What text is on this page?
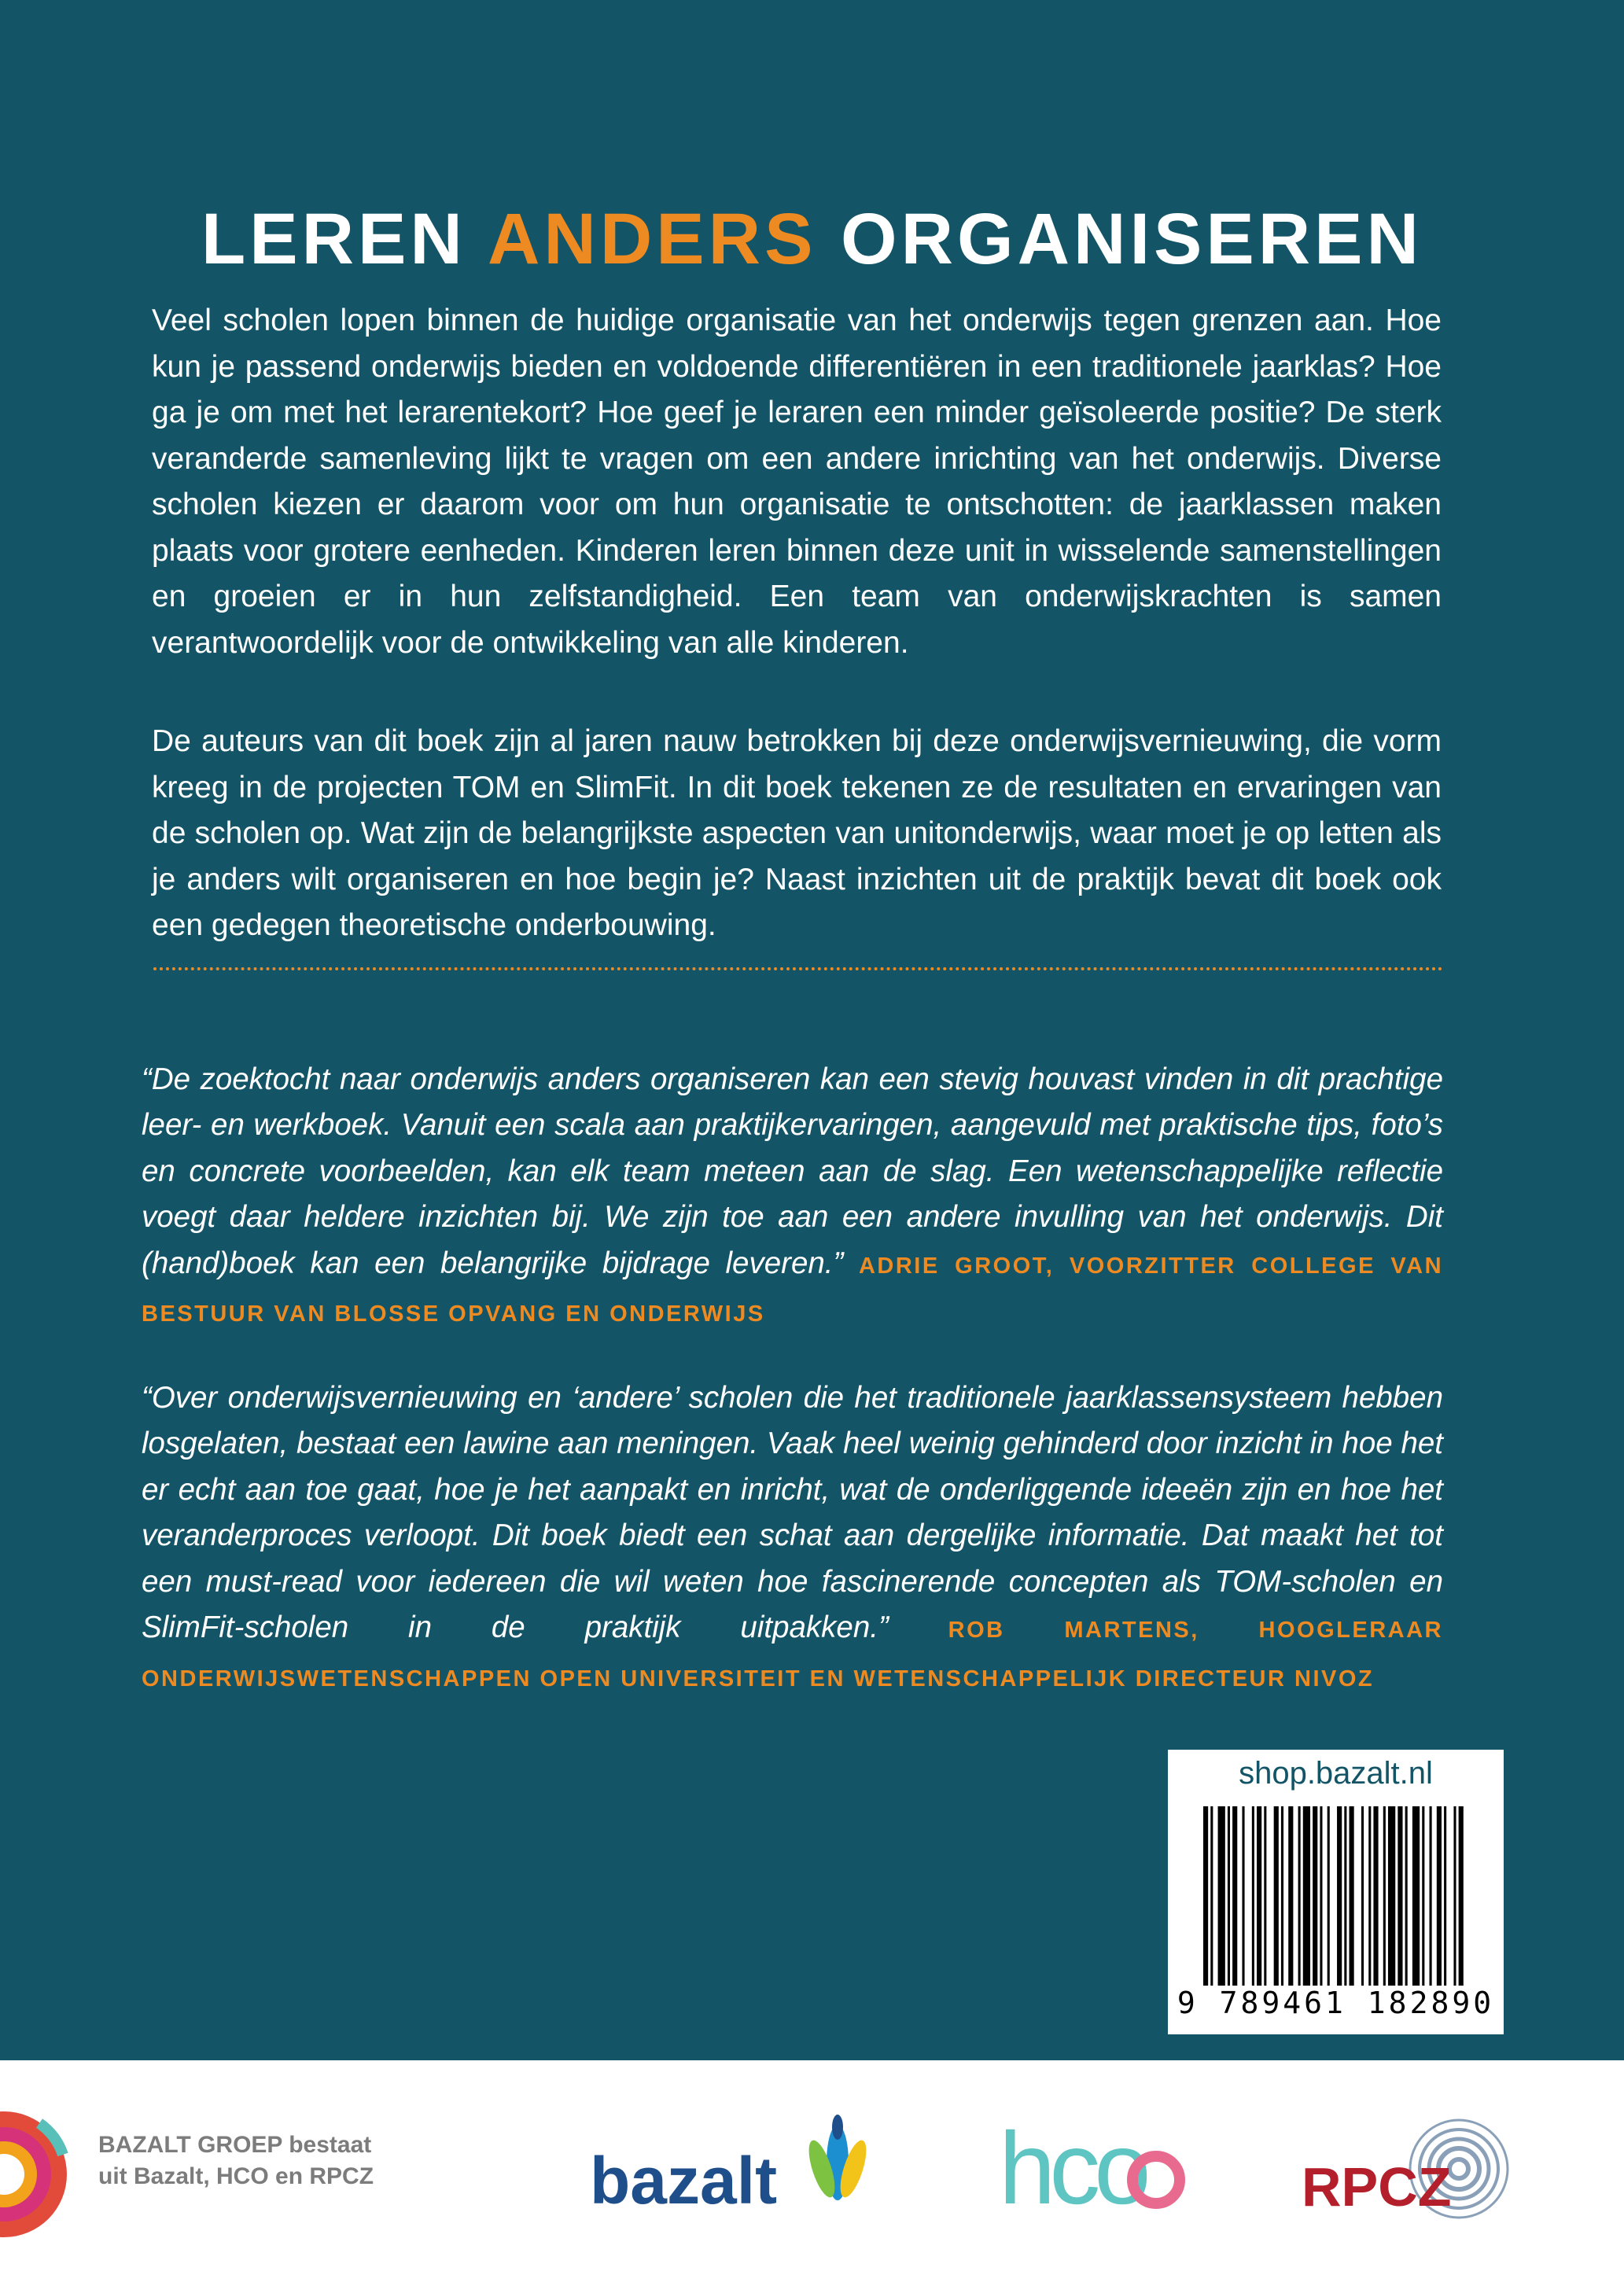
LEREN ANDERS ORGANISEREN

Veel scholen lopen binnen de huidige organisatie van het onderwijs tegen grenzen aan. Hoe kun je passend onderwijs bieden en voldoende differentiëren in een traditionele jaarklas? Hoe ga je om met het lerarentekort? Hoe geef je leraren een minder geïsoleerde positie? De sterk veranderde samenleving lijkt te vragen om een andere inrichting van het onderwijs. Diverse scholen kiezen er daarom voor om hun organisatie te ontschotten: de jaarklassen maken plaats voor grotere eenheden. Kinderen leren binnen deze unit in wisselende samenstellingen en groeien er in hun zelfstandigheid. Een team van onderwijskrachten is samen verantwoordelijk voor de ontwikkeling van alle kinderen.

De auteurs van dit boek zijn al jaren nauw betrokken bij deze onderwijsvernieuwing, die vorm kreeg in de projecten TOM en SlimFit. In dit boek tekenen ze de resultaten en ervaringen van de scholen op. Wat zijn de belangrijkste aspecten van unitonderwijs, waar moet je op letten als je anders wilt organiseren en hoe begin je? Naast inzichten uit de praktijk bevat dit boek ook een gedegen theoretische onderbouwing.

“De zoektocht naar onderwijs anders organiseren kan een stevig houvast vinden in dit prachtige leer- en werkboek. Vanuit een scala aan praktijkervaringen, aangevuld met praktische tips, foto’s en concrete voorbeelden, kan elk team meteen aan de slag. Een wetenschappelijke reflectie voegt daar heldere inzichten bij. We zijn toe aan een andere invulling van het onderwijs. Dit (hand)boek kan een belangrijke bijdrage leveren.” ADRIE GROOT, VOORZITTER COLLEGE VAN BESTUUR VAN BLOSSE OPVANG EN ONDERWIJS

“Over onderwijsvernieuwing en ‘andere’ scholen die het traditionele jaarklassensysteem hebben losgelaten, bestaat een lawine aan meningen. Vaak heel weinig gehinderd door inzicht in hoe het er echt aan toe gaat, hoe je het aanpakt en inricht, wat de onderliggende ideeën zijn en hoe het veranderproces verloopt. Dit boek biedt een schat aan dergelijke informatie. Dat maakt het tot een must-read voor iedereen die wil weten hoe fascinerende concepten als TOM-scholen en SlimFit-scholen in de praktijk uitpakken.”	ROB MARTENS, HOOGLERAAR ONDERWIJSWETENSCHAPPEN OPEN UNIVERSITEIT EN WETENSCHAPPELIJK DIRECTEUR NIVOZ

shop.bazalt.nl
9 789461 182890
BAZALT GROEP bestaat
uit Bazalt, HCO en RPCZ	bazalt hco	RPCZ
